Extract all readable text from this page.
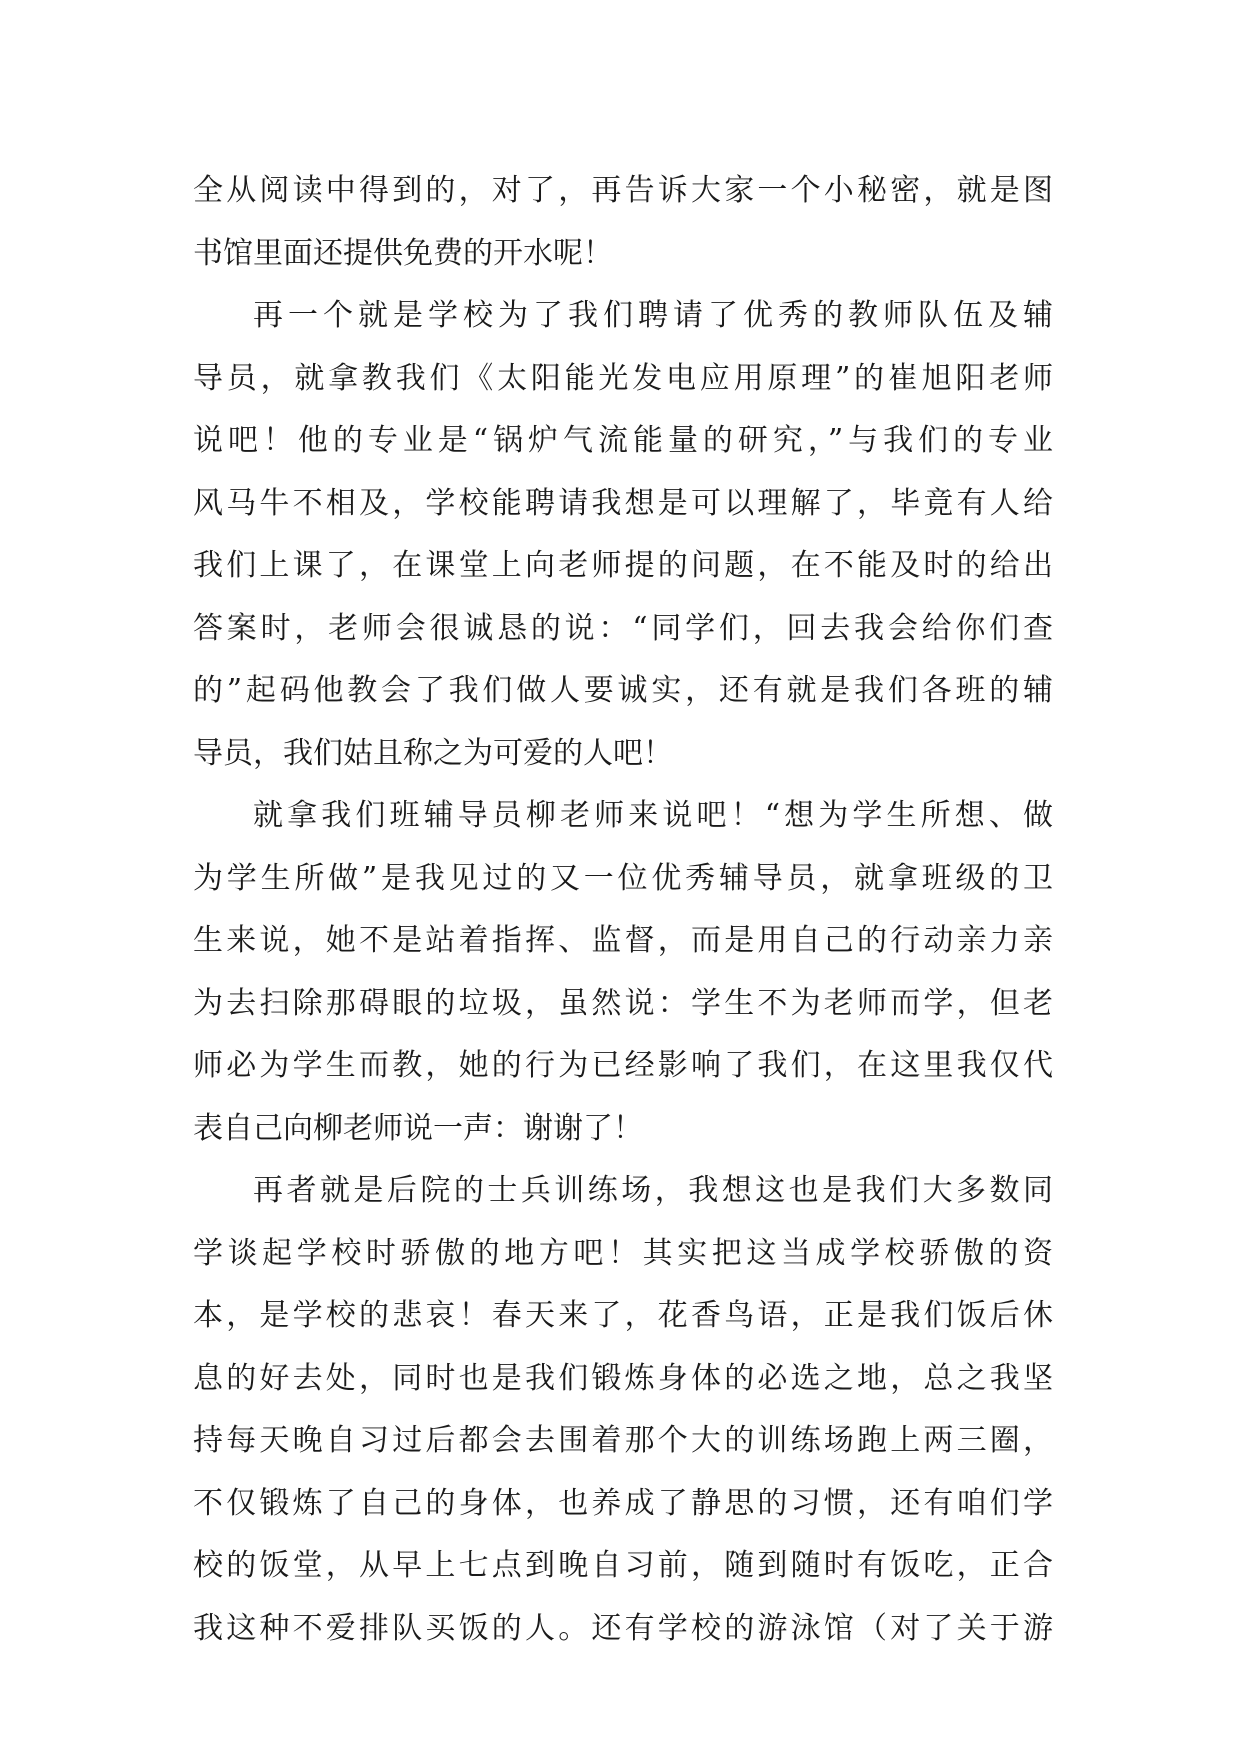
全从阅读中得到的，对了，再告诉大家一个小秘密，就是图
书馆里面还提供免费的开水呢！
再一个就是学校为了我们聘请了优秀的教师队伍及辅
导员，就拿教我们《太阳能光发电应用原理”的崔旭阳老师
说吧！他的专业是“锅炉气流能量的研究，”与我们的专业
风马牛不相及，学校能聘请我想是可以理解了，毕竟有人给
我们上课了，在课堂上向老师提的问题，在不能及时的给出
答案时，老师会很诚恳的说：“同学们，回去我会给你们查
的”起码他教会了我们做人要诚实，还有就是我们各班的辅
导员，我们姑且称之为可爱的人吧！
就拿我们班辅导员柳老师来说吧！“想为学生所想、做
为学生所做”是我见过的又一位优秀辅导员，就拿班级的卫
生来说，她不是站着指挥、监督，而是用自己的行动亲力亲
为去扫除那碍眼的垃圾，虽然说：学生不为老师而学，但老
师必为学生而教，她的行为已经影响了我们，在这里我仅代
表自己向柳老师说一声：谢谢了！
再者就是后院的士兵训练场，我想这也是我们大多数同
学谈起学校时骄傲的地方吧！其实把这当成学校骄傲的资
本，是学校的悲哀！春天来了，花香鸟语，正是我们饭后休
息的好去处，同时也是我们锻炼身体的必选之地，总之我坚
持每天晚自习过后都会去围着那个大的训练场跑上两三圈，
不仅锻炼了自己的身体，也养成了静思的习惯，还有咱们学
校的饭堂，从早上七点到晚自习前，随到随时有饭吃，正合
我这种不爱排队买饭的人。还有学校的游泳馆（对了关于游
